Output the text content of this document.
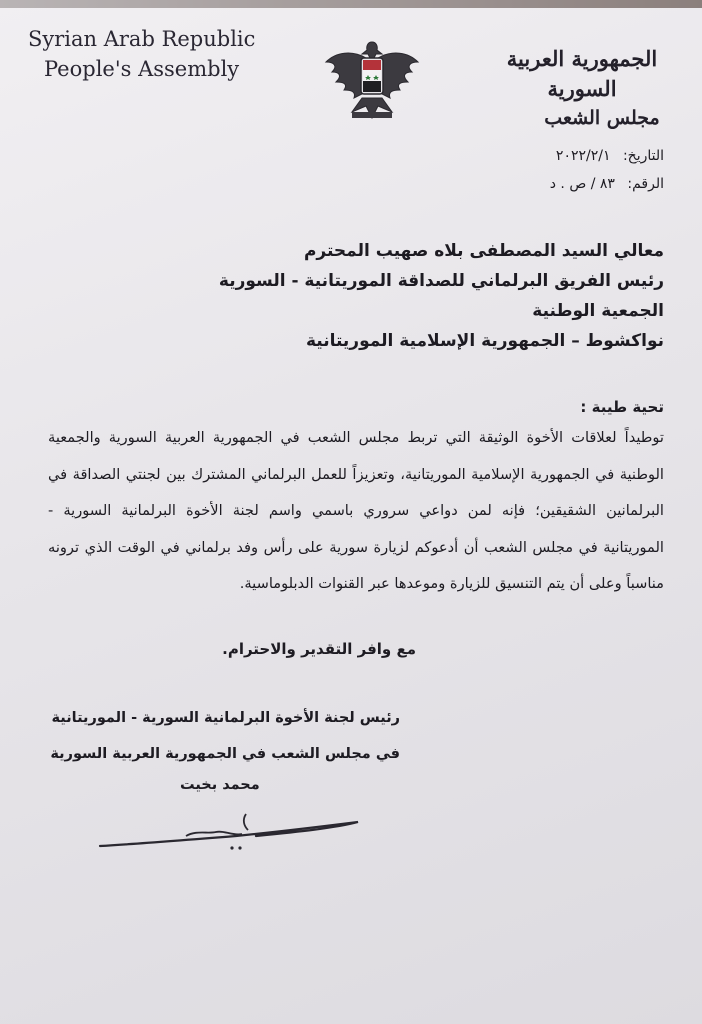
Syrian Arab Republic
People's Assembly	الجمهورية العربية السورية
مجلس الشعب
التاريخ: ٢٠٢٢/٢/١
الرقم: ٨٣ / ص . د
معالي السيد المصطفى بلاه صهيب المحترم
رئيس الفريق البرلماني للصداقة الموريتانية - السورية
الجمعية الوطنية
نواكشوط – الجمهورية الإسلامية الموريتانية
تحية طيبة :
توطيداً لعلاقات الأخوة الوثيقة التي تربط مجلس الشعب في الجمهورية العربية السورية والجمعية الوطنية في الجمهورية الإسلامية الموريتانية، وتعزيزاً للعمل البرلماني المشترك بين لجنتي الصداقة في البرلمانين الشقيقين؛ فإنه لمن دواعي سروري باسمي واسم لجنة الأخوة البرلمانية السورية - الموريتانية في مجلس الشعب أن أدعوكم لزيارة سورية على رأس وفد برلماني في الوقت الذي ترونه مناسباً وعلى أن يتم التنسيق للزيارة وموعدها عبر القنوات الدبلوماسية.
مع وافر التقدير والاحترام.
رئيس لجنة الأخوة البرلمانية السورية - الموريتانية
في مجلس الشعب في الجمهورية العربية السورية
محمد بخيت
